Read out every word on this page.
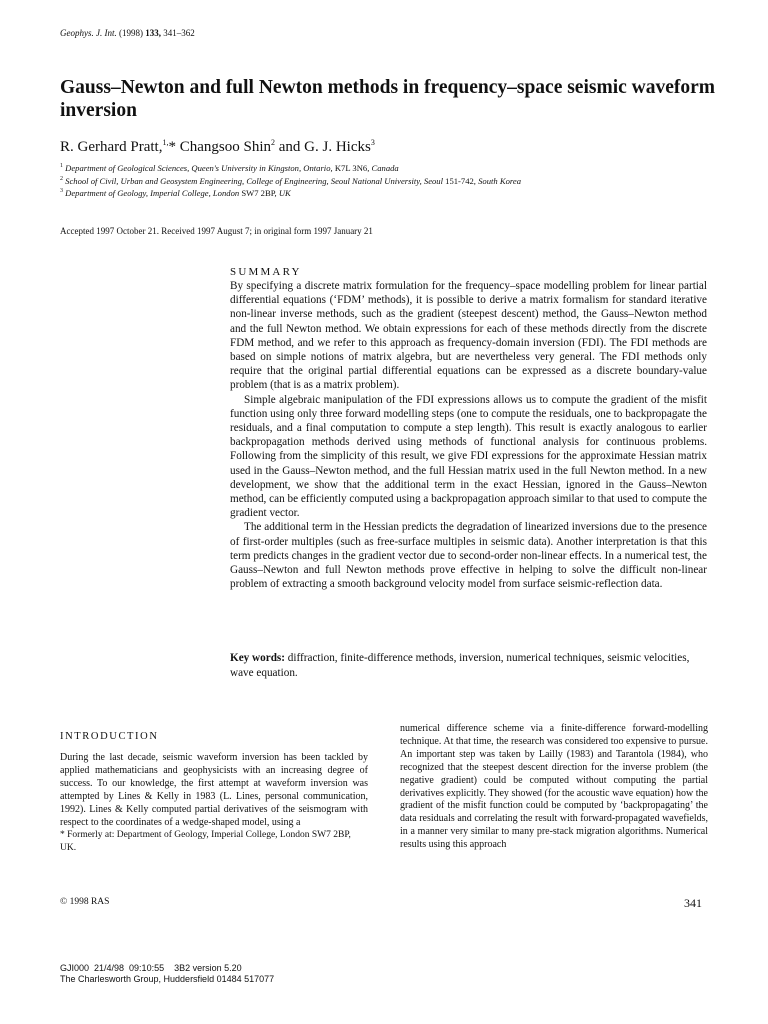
Geophys. J. Int. (1998) 133, 341–362
Gauss–Newton and full Newton methods in frequency–space seismic waveform inversion
R. Gerhard Pratt,$^{1,}$* Changsoo Shin$^2$ and G. J. Hicks$^3$
$^1$ Department of Geological Sciences, Queen's University in Kingston, Ontario, K7L 3N6, Canada
$^2$ School of Civil, Urban and Geosystem Engineering, College of Engineering, Seoul National University, Seoul 151-742, South Korea
$^3$ Department of Geology, Imperial College, London SW7 2BP, UK
Accepted 1997 October 21. Received 1997 August 7; in original form 1997 January 21
SUMMARY

By specifying a discrete matrix formulation for the frequency–space modelling problem for linear partial differential equations (‘FDM’ methods), it is possible to derive a matrix formalism for standard iterative non-linear inverse methods, such as the gradient (steepest descent) method, the Gauss–Newton method and the full Newton method. We obtain expressions for each of these methods directly from the discrete FDM method, and we refer to this approach as frequency-domain inversion (FDI). The FDI methods are based on simple notions of matrix algebra, but are nevertheless very general. The FDI methods only require that the original partial differential equations can be expressed as a discrete boundary-value problem (that is as a matrix problem).

Simple algebraic manipulation of the FDI expressions allows us to compute the gradient of the misfit function using only three forward modelling steps (one to compute the residuals, one to backpropagate the residuals, and a final computation to compute a step length). This result is exactly analogous to earlier backpropagation methods derived using methods of functional analysis for continuous problems. Following from the simplicity of this result, we give FDI expressions for the approximate Hessian matrix used in the Gauss–Newton method, and the full Hessian matrix used in the full Newton method. In a new development, we show that the additional term in the exact Hessian, ignored in the Gauss–Newton method, can be efficiently computed using a backpropagation approach similar to that used to compute the gradient vector.

The additional term in the Hessian predicts the degradation of linearized inversions due to the presence of first-order multiples (such as free-surface multiples in seismic data). Another interpretation is that this term predicts changes in the gradient vector due to second-order non-linear effects. In a numerical test, the Gauss–Newton and full Newton methods prove effective in helping to solve the difficult non-linear problem of extracting a smooth background velocity model from surface seismic-reflection data.

Key words: diffraction, finite-difference methods, inversion, numerical techniques, seismic velocities, wave equation.
INTRODUCTION
During the last decade, seismic waveform inversion has been tackled by applied mathematicians and geophysicists with an increasing degree of success. To our knowledge, the first attempt at waveform inversion was attempted by Lines & Kelly in 1983 (L. Lines, personal communication, 1992). Lines & Kelly computed partial derivatives of the seismogram with respect to the coordinates of a wedge-shaped model, using a
numerical difference scheme via a finite-difference forward-modelling technique. At that time, the research was considered too expensive to pursue. An important step was taken by Lailly (1983) and Tarantola (1984), who recognized that the steepest descent direction for the inverse problem (the negative gradient) could be computed without computing the partial derivatives explicitly. They showed (for the acoustic wave equation) how the gradient of the misfit function could be computed by ‘backpropagating’ the data residuals and correlating the result with forward-propagated wavefields, in a manner very similar to many pre-stack migration algorithms. Numerical results using this approach
* Formerly at: Department of Geology, Imperial College, London SW7 2BP, UK.
© 1998 RAS	341
GJI000  21/4/98  09:10:55    3B2 version 5.20
The Charlesworth Group, Huddersfield 01484 517077
